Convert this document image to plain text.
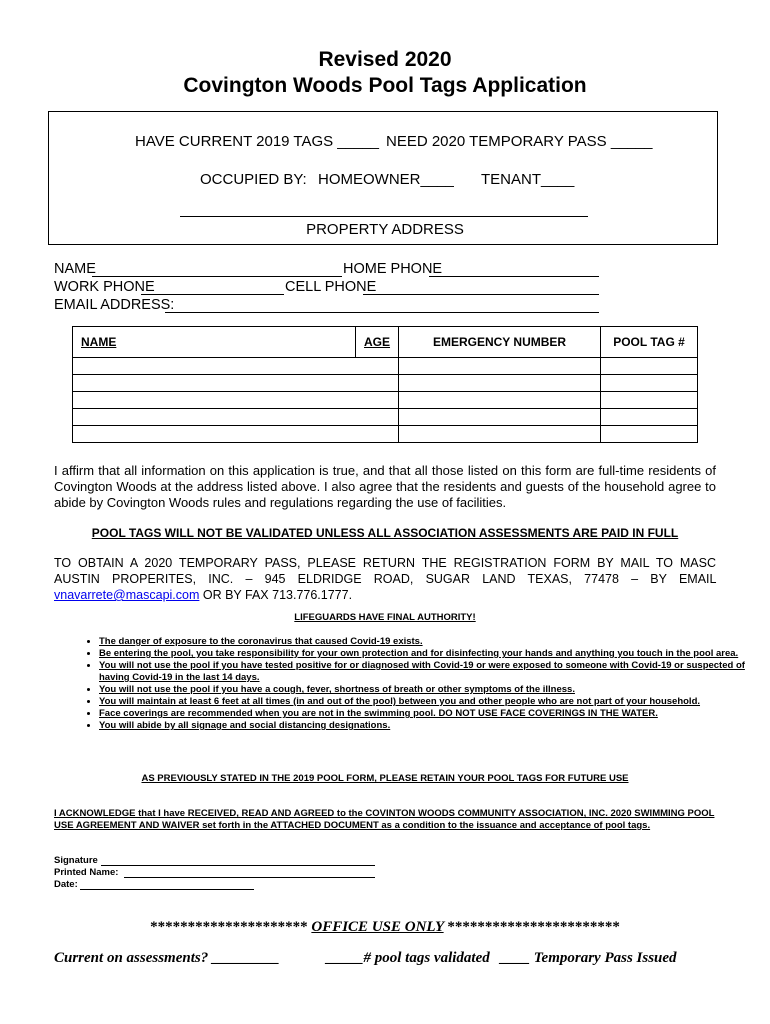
Revised 2020
Covington Woods Pool Tags Application
HAVE CURRENT 2019 TAGS _____ NEED 2020 TEMPORARY PASS _____
OCCUPIED BY: HOMEOWNER____ TENANT____
PROPERTY ADDRESS
NAME	HOME PHONE
WORK PHONE	CELL PHONE
EMAIL ADDRESS:
NAME	AGE	EMERGENCY NUMBER	POOL TAG #

I affirm that all information on this application is true, and that all those listed on this form are full-time residents of Covington Woods at the address listed above. I also agree that the residents and guests of the household agree to abide by Covington Woods rules and regulations regarding the use of facilities.
POOL TAGS WILL NOT BE VALIDATED UNLESS ALL ASSOCIATION ASSESSMENTS ARE PAID IN FULL
TO OBTAIN A 2020 TEMPORARY PASS, PLEASE RETURN THE REGISTRATION FORM BY MAIL TO MASC AUSTIN PROPERITES, INC. – 945 ELDRIDGE ROAD, SUGAR LAND TEXAS, 77478 – BY EMAIL vnavarrete@mascapi.com OR BY FAX 713.776.1777.
LIFEGUARDS HAVE FINAL AUTHORITY!
• The danger of exposure to the coronavirus that caused Covid-19 exists.
• Be entering the pool, you take responsibility for your own protection and for disinfecting your hands and anything you touch in the pool area.
• You will not use the pool if you have tested positive for or diagnosed with Covid-19 or were exposed to someone with Covid-19 or suspected of having Covid-19 in the last 14 days.
• You will not use the pool if you have a cough, fever, shortness of breath or other symptoms of the illness.
• You will maintain at least 6 feet at all times (in and out of the pool) between you and other people who are not part of your household.
• Face coverings are recommended when you are not in the swimming pool. DO NOT USE FACE COVERINGS IN THE WATER.
• You will abide by all signage and social distancing designations.
AS PREVIOUSLY STATED IN THE 2019 POOL FORM, PLEASE RETAIN YOUR POOL TAGS FOR FUTURE USE
I ACKNOWLEDGE that I have RECEIVED, READ AND AGREED to the COVINTON WOODS COMMUNITY ASSOCIATION, INC. 2020 SWIMMING POOL USE AGREEMENT AND WAIVER set forth in the ATTACHED DOCUMENT as a condition to the issuance and acceptance of pool tags.
Signature
Printed Name:
Date:
********************* OFFICE USE ONLY ***********************
Current on assessments? _________	_____# pool tags validated ____ Temporary Pass Issued
